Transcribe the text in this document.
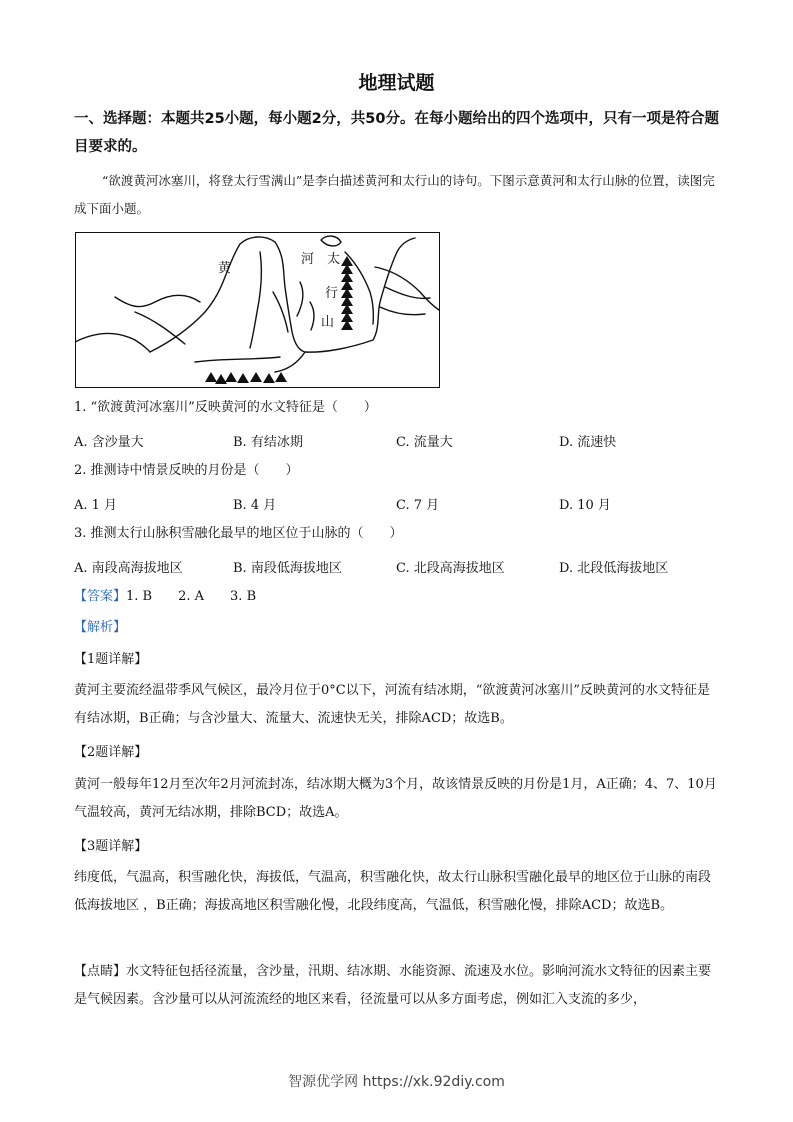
地理试题
一、选择题：本题共25小题，每小题2分，共50分。在每小题给出的四个选项中，只有一项是符合题目要求的。
“欲渡黄河冰塞川，将登太行雪满山”是李白描述黄河和太行山的诗句。下图示意黄河和太行山脉的位置，读图完成下面小题。
黄
河 太
行
山
1. “欲渡黄河冰塞川”反映黄河的水文特征是（　　）
A. 含沙量大	B. 有结冰期	C. 流量大	D. 流速快
2. 推测诗中情景反映的月份是（　　）
A. 1 月	B. 4 月	C. 7 月	D. 10 月
3. 推测太行山脉积雪融化最早的地区位于山脉的（　　）
A. 南段高海拔地区	B. 南段低海拔地区	C. 北段高海拔地区	D. 北段低海拔地区
【答案】1. B　　2. A　　3. B
【解析】
【1题详解】
黄河主要流经温带季风气候区，最冷月位于0°C以下，河流有结冰期，“欲渡黄河冰塞川”反映黄河的水文特征是有结冰期，B正确；与含沙量大、流量大、流速快无关，排除ACD；故选B。
【2题详解】
黄河一般每年12月至次年2月河流封冻，结冰期大概为3个月，故该情景反映的月份是1月，A正确；4、7、10月气温较高，黄河无结冰期，排除BCD；故选A。
【3题详解】
纬度低，气温高，积雪融化快，海拔低，气温高，积雪融化快，故太行山脉积雪融化最早的地区位于山脉的南段低海拔地区 ，B正确；海拔高地区积雪融化慢，北段纬度高，气温低，积雪融化慢，排除ACD；故选B。
【点睛】水文特征包括径流量，含沙量，汛期、结冰期、水能资源、流速及水位。影响河流水文特征的因素主要是气候因素。含沙量可以从河流流经的地区来看，径流量可以从多方面考虑，例如汇入支流的多少，
智源优学网 https://xk.92diy.com
